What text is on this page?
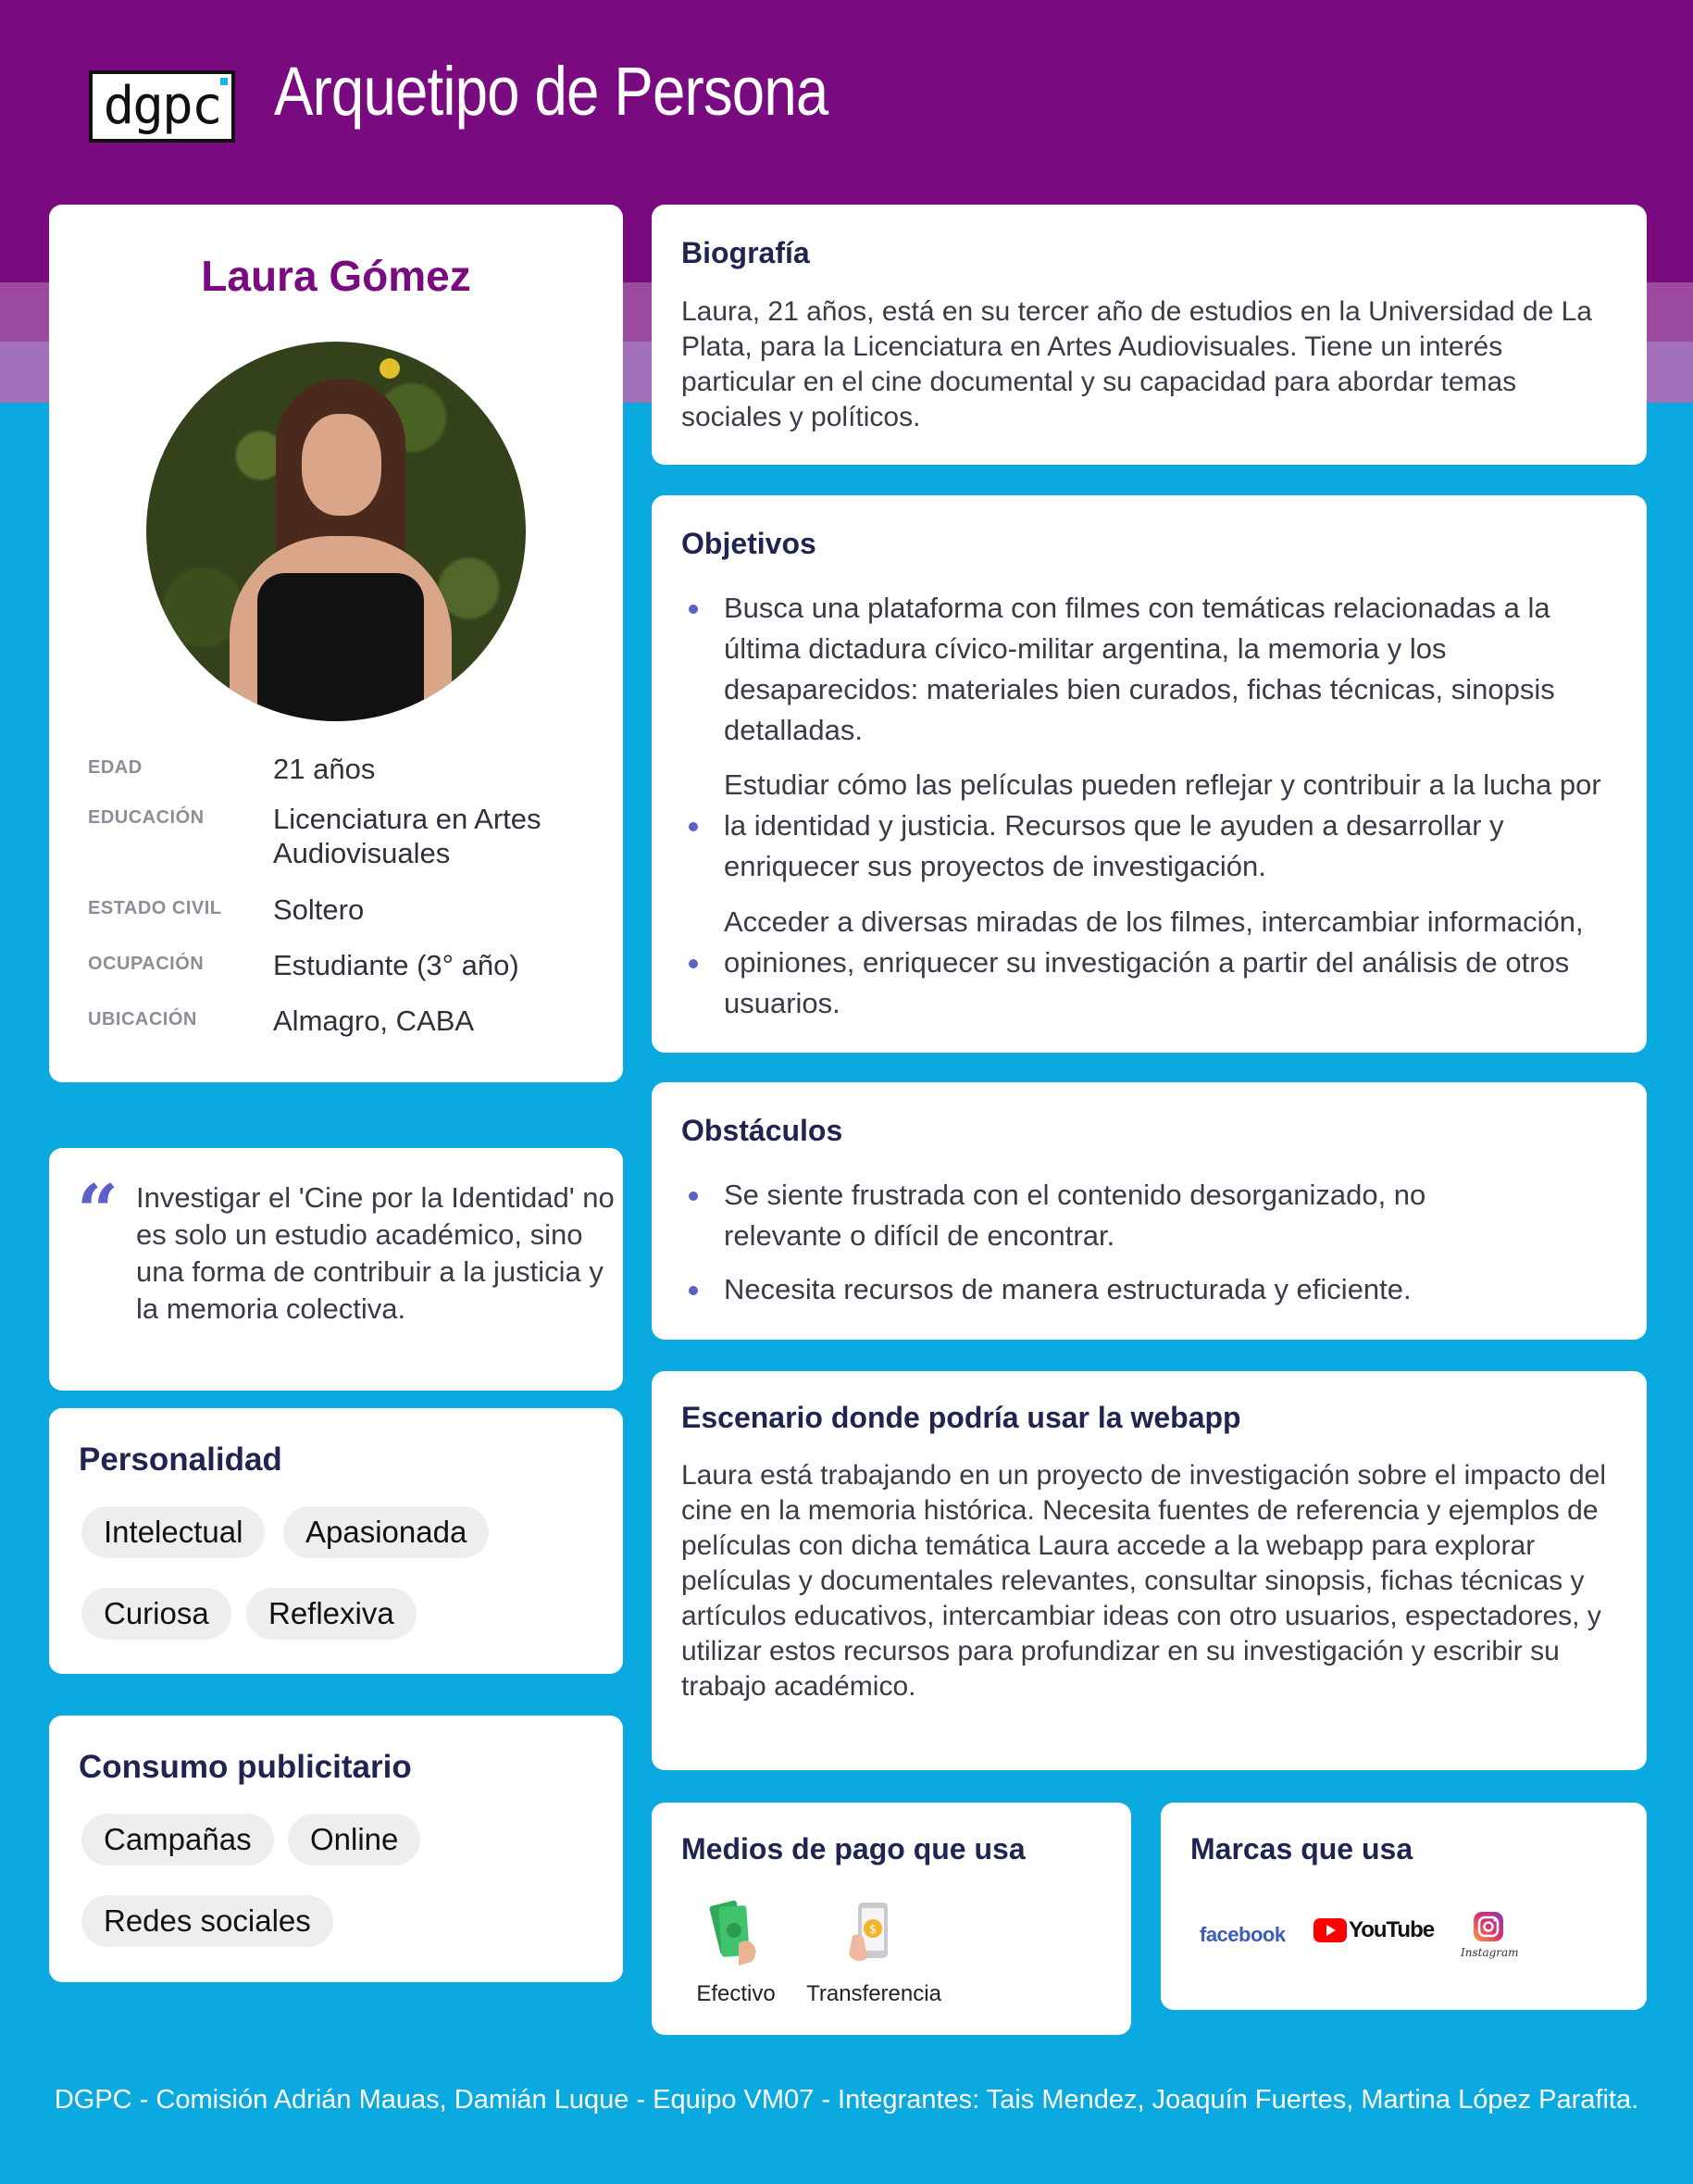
dgpc Arquetipo de Persona
Laura Gómez
EDAD	21 años
EDUCACIÓN Licenciatura en Artes Audiovisuales
ESTADO CIVIL Soltero
OCUPACIÓN Estudiante (3° año)
UBICACIÓN	Almagro, CABA
“ Investigar el 'Cine por la Identidad' no es solo un estudio académico, sino una forma de contribuir a la justicia y la memoria colectiva.
Personalidad
Intelectual	Apasionada
Curiosa	Reflexiva
Consumo publicitario
Campañas	Online
Redes sociales
Biografía
Laura, 21 años, está en su tercer año de estudios en la Universidad de La Plata, para la Licenciatura en Artes Audiovisuales. Tiene un interés particular en el cine documental y su capacidad para abordar temas sociales y políticos.
Objetivos
Busca una plataforma con filmes con temáticas relacionadas a la última dictadura cívico-militar argentina, la memoria y los desaparecidos: materiales bien curados, fichas técnicas, sinopsis detalladas.
Estudiar cómo las películas pueden reflejar y contribuir a la lucha por la identidad y justicia. Recursos que le ayuden a desarrollar y enriquecer sus proyectos de investigación.
Acceder a diversas miradas de los filmes, intercambiar información, opiniones, enriquecer su investigación a partir del análisis de otros usuarios.
Obstáculos
Se siente frustrada con el contenido desorganizado, no relevante o difícil de encontrar.
Necesita recursos de manera estructurada y eficiente.
Escenario donde podría usar la webapp
Laura está trabajando en un proyecto de investigación sobre el impacto del cine en la memoria histórica. Necesita fuentes de referencia y ejemplos de películas con dicha temática Laura accede a la webapp para explorar películas y documentales relevantes, consultar sinopsis, fichas técnicas y artículos educativos, intercambiar ideas con otro usuarios, espectadores, y utilizar estos recursos para profundizar en su investigación y escribir su trabajo académico.
Medios de pago que usa
Efectivo
$
Transferencia
Marcas que usa
facebook	YouTube
Instagram
DGPC - Comisión Adrián Mauas, Damián Luque - Equipo VM07 - Integrantes: Tais Mendez, Joaquín Fuertes, Martina López Parafita.
